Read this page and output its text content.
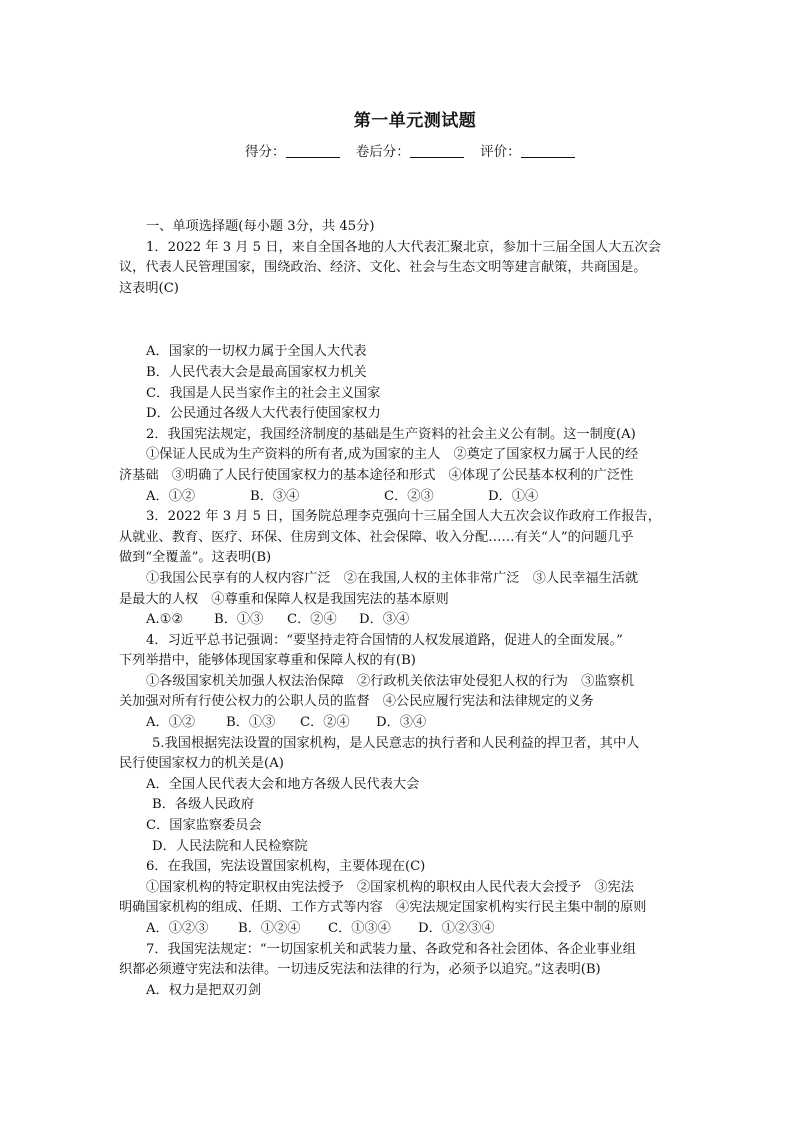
第一单元测试题
得分：	卷后分：	评价：

一、单项选择题(每小题 3分，共 45分)

1．2022 年 3 月 5 日，来自全国各地的人大代表汇聚北京，参加十三届全国人大五次会

议，代表人民管理国家，围绕政治、经济、文化、社会与生态文明等建言献策，共商国是。

这表明(C)

A．国家的一切权力属于全国人大代表

B．人民代表大会是最高国家权力机关

C．我国是人民当家作主的社会主义国家

D．公民通过各级人大代表行使国家权力

2．我国宪法规定，我国经济制度的基础是生产资料的社会主义公有制。这一制度(A)

①保证人民成为生产资料的所有者,成为国家的主人　②奠定了国家权力属于人民的经

济基础　③明确了人民行使国家权力的基本途径和形式　④体现了公民基本权利的广泛性

A．①②	B．③④	C．②③	D．①④

3．2022 年 3 月 5 日，国务院总理李克强向十三届全国人大五次会议作政府工作报告，

从就业、教育、医疗、环保、住房到文体、社会保障、收入分配……有关“人”的问题几乎

做到“全覆盖”。这表明(B)

①我国公民享有的人权内容广泛　②在我国,人权的主体非常广泛　③人民幸福生活就

是最大的人权　④尊重和保障人权是我国宪法的基本原则

A.①② B．①③ C．②④ D．③④

4．习近平总书记强调：“要坚持走符合国情的人权发展道路，促进人的全面发展。”

下列举措中，能够体现国家尊重和保障人权的有(B)

①各级国家机关加强人权法治保障　②行政机关依法审处侵犯人权的行为　③监察机

关加强对所有行使公权力的公职人员的监督　④公民应履行宪法和法律规定的义务

A．①② B．①③ C．②④ D．③④

5.我国根据宪法设置的国家机构，是人民意志的执行者和人民利益的捍卫者，其中人

民行使国家权力的机关是(A)

A．全国人民代表大会和地方各级人民代表大会

B．各级人民政府

C．国家监察委员会

D．人民法院和人民检察院

6．在我国，宪法设置国家机构，主要体现在(C)

①国家机构的特定职权由宪法授予　②国家机构的职权由人民代表大会授予　③宪法

明确国家机构的组成、任期、工作方式等内容　④宪法规定国家机构实行民主集中制的原则

A．①②③ B．①②④ C．①③④ D．①②③④

7．我国宪法规定：“一切国家机关和武装力量、各政党和各社会团体、各企业事业组

织都必须遵守宪法和法律。一切违反宪法和法律的行为，必须予以追究。”这表明(B)

A．权力是把双刃剑
